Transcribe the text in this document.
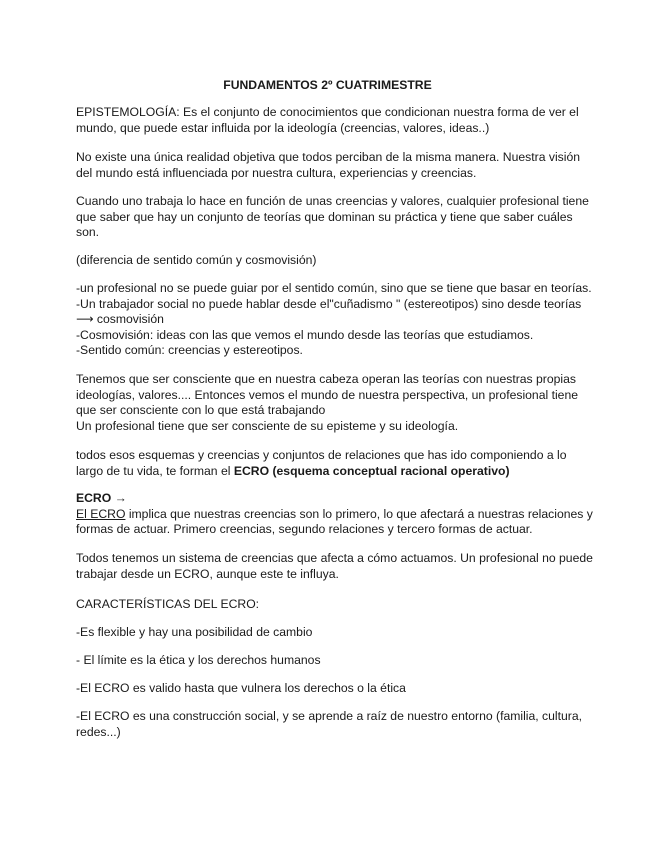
FUNDAMENTOS 2º CUATRIMESTRE
EPISTEMOLOGÍA: Es el conjunto de conocimientos que condicionan nuestra forma de ver el
mundo, que puede estar influida por la ideología (creencias, valores, ideas..)
No existe una única realidad objetiva que todos perciban de la misma manera. Nuestra visión
del mundo está influenciada por nuestra cultura, experiencias y creencias.
Cuando uno trabaja lo hace en función de unas creencias y valores, cualquier profesional tiene
que saber que hay un conjunto de teorías que dominan su práctica y tiene que saber cuáles
son.
(diferencia de sentido común y cosmovisión)
-un profesional no se puede guiar por el sentido común, sino que se tiene que basar en teorías.
-Un trabajador social no puede hablar desde el"cuñadismo " (estereotipos) sino desde teorías
⟶ cosmovisión
-Cosmovisión: ideas con las que vemos el mundo desde las teorías que estudiamos.
-Sentido común: creencias y estereotipos.
Tenemos que ser consciente que en nuestra cabeza operan las teorías con nuestras propias
ideologías, valores.... Entonces vemos el mundo de nuestra perspectiva, un profesional tiene
que ser consciente con lo que está trabajando
Un profesional tiene que ser consciente de su episteme y su ideología.
todos esos esquemas y creencias y conjuntos de relaciones que has ido componiendo a lo
largo de tu vida, te forman el ECRO (esquema conceptual racional operativo)
ECRO →
El ECRO implica que nuestras creencias son lo primero, lo que afectará a nuestras relaciones y
formas de actuar. Primero creencias, segundo relaciones y tercero formas de actuar.
Todos tenemos un sistema de creencias que afecta a cómo actuamos. Un profesional no puede
trabajar desde un ECRO, aunque este te influya.
CARACTERÍSTICAS DEL ECRO:
-Es flexible y hay una posibilidad de cambio
- El límite es la ética y los derechos humanos
-El ECRO es valido hasta que vulnera los derechos o la ética
-El ECRO es una construcción social, y se aprende a raíz de nuestro entorno (familia, cultura,
redes...)
